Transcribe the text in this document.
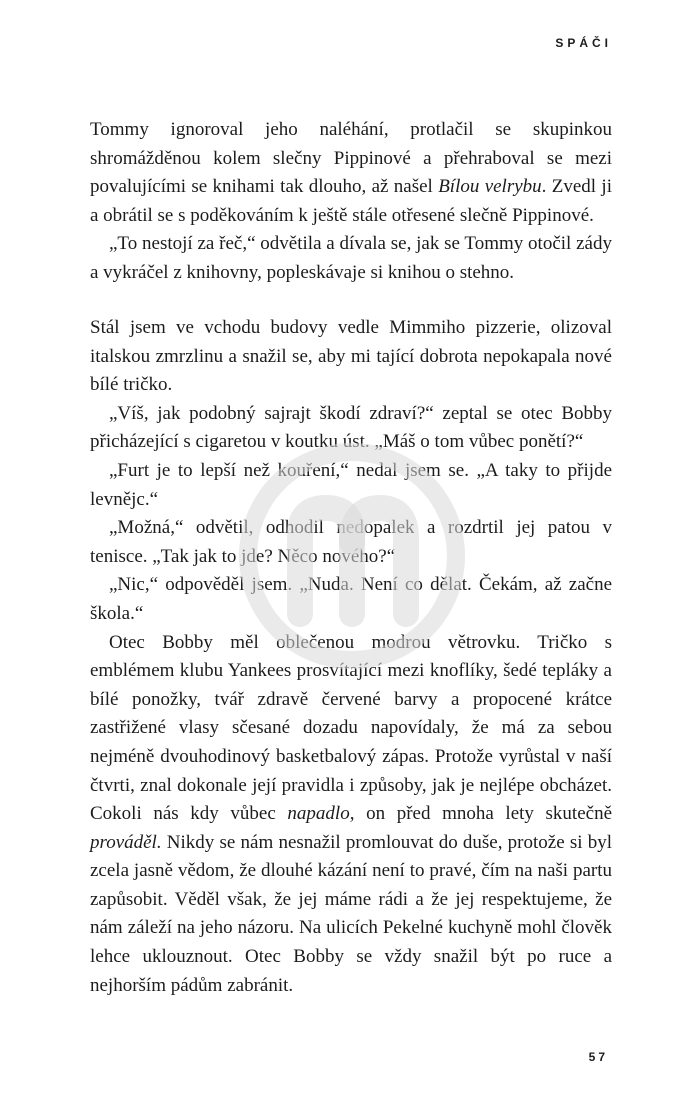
SPÁČI

Tommy ignoroval jeho naléhání, protlačil se skupinkou shromážděnou kolem slečny Pippinové a přehraboval se mezi povalujícími se knihami tak dlouho, až našel Bílou velrybu. Zvedl ji a obrátil se s poděkováním k ještě stále otřesené slečně Pippinové.

„To nestojí za řeč,“ odvětila a dívala se, jak se Tommy otočil zády a vykráčel z knihovny, popleskávaje si knihou o stehno.

Stál jsem ve vchodu budovy vedle Mimmiho pizzerie, olizoval italskou zmrzlinu a snažil se, aby mi tající dobrota nepokapala nové bílé tričko.

„Víš, jak podobný sajrajt škodí zdraví?“ zeptal se otec Bobby přicházející s cigaretou v koutku úst. „Máš o tom vůbec ponětí?“

„Furt je to lepší než kouření,“ nedal jsem se. „A taky to přijde levnějc.“

„Možná,“ odvětil, odhodil nedopalek a rozdrtil jej patou v tenisce. „Tak jak to jde? Něco nového?“

„Nic,“ odpověděl jsem. „Nuda. Není co dělat. Čekám, až začne škola.“

Otec Bobby měl oblečenou modrou větrovku. Tričko s emblémem klubu Yankees prosvítající mezi knoflíky, šedé tepláky a bílé ponožky, tvář zdravě červené barvy a propocené krátce zastřižené vlasy sčesané dozadu napovídaly, že má za sebou nejméně dvouhodinový basketbalový zápas. Protože vyrůstal v naší čtvrti, znal dokonale její pravidla i způsoby, jak je nejlépe obcházet. Cokoli nás kdy vůbec napadlo, on před mnoha lety skutečně prováděl. Nikdy se nám nesnažil promlouvat do duše, protože si byl zcela jasně vědom, že dlouhé kázání není to pravé, čím na naši partu zapůsobit. Věděl však, že jej máme rádi a že jej respektujeme, že nám záleží na jeho názoru. Na ulicích Pekelné kuchyně mohl člověk lehce uklouznout. Otec Bobby se vždy snažil být po ruce a nejhorším pádům zabránit.

57
